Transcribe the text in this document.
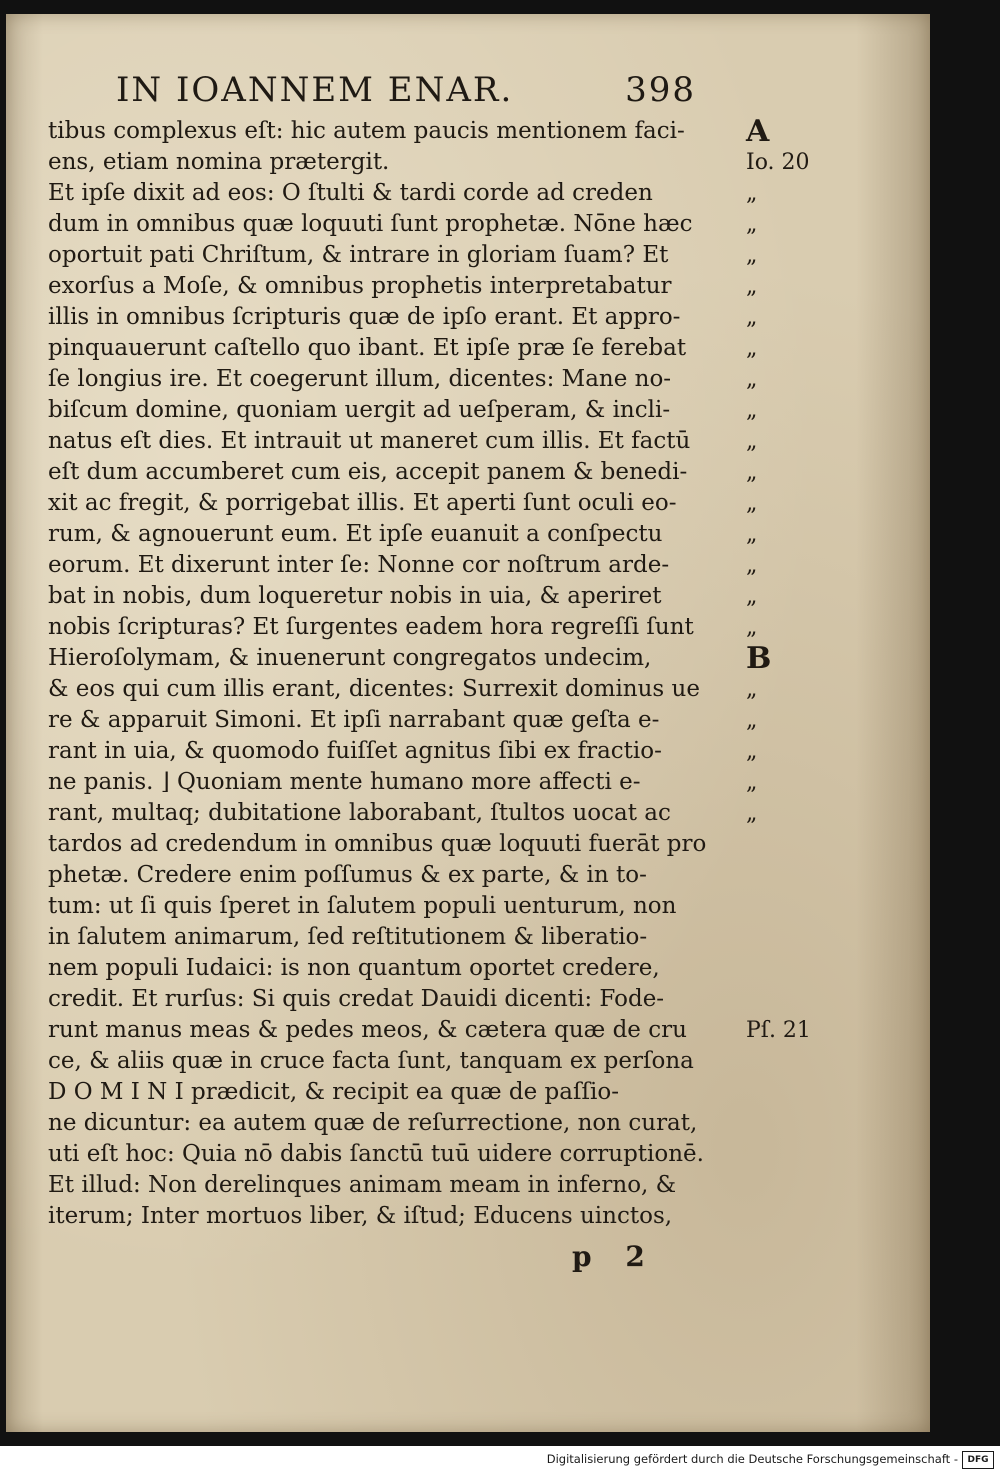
IN IOANNEM ENAR.	398
tibus complexus eſt: hic autem paucis mentionem faci-
ens, etiam nomina prætergit.
Et ipſe dixit ad eos: O ſtulti & tardi corde ad creden
dum in omnibus quæ loquuti ſunt prophetæ. Nōne hæc
oportuit pati Chriſtum, & intrare in gloriam ſuam? Et
exorſus a Moſe, & omnibus prophetis interpretabatur
illis in omnibus ſcripturis quæ de ipſo erant. Et appro-
pinquauerunt caſtello quo ibant. Et ipſe præ ſe ferebat
ſe longius ire. Et coegerunt illum, dicentes: Mane no-
biſcum domine, quoniam uergit ad ueſperam, & incli-
natus eſt dies. Et intrauit ut maneret cum illis. Et factū
eſt dum accumberet cum eis, accepit panem & benedi-
xit ac fregit, & porrigebat illis. Et aperti ſunt oculi eo-
rum, & agnouerunt eum. Et ipſe euanuit a conſpectu
eorum. Et dixerunt inter ſe: Nonne cor noſtrum arde-
bat in nobis, dum loqueretur nobis in uia, & aperiret
nobis ſcripturas? Et ſurgentes eadem hora regreſſi ſunt
Hieroſolymam, & inuenerunt congregatos undecim,
& eos qui cum illis erant, dicentes: Surrexit dominus ue
re & apparuit Simoni. Et ipſi narrabant quæ geſta e-
rant in uia, & quomodo fuiſſet agnitus ſibi ex fractio-
ne panis. ⌋ Quoniam mente humano more affecti e-
rant, multaq; dubitatione laborabant, ſtultos uocat ac
tardos ad credendum in omnibus quæ loquuti fuerāt pro
phetæ. Credere enim poſſumus & ex parte, & in to-
tum: ut ſi quis ſperet in ſalutem populi uenturum, non
in ſalutem animarum, ſed reſtitutionem & liberatio-
nem populi Iudaici: is non quantum oportet credere,
credit. Et rurſus: Si quis credat Dauidi dicenti: Fode-
runt manus meas & pedes meos, & cætera quæ de cru
ce, & aliis quæ in cruce facta ſunt, tanquam ex perſona
D O M I N I prædicit, & recipit ea quæ de paſſio-
ne dicuntur: ea autem quæ de reſurrectione, non curat,
uti eſt hoc: Quia nō dabis ſanctū tuū uidere corruptionē.
Et illud: Non derelinques animam meam in inferno, &
iterum; Inter mortuos liber, & iſtud; Educens uinctos,
A
Io. 20
„
„
„
„
„
„
„
„
„
„
„
„
„
„
„
B
„
„
„
„
„
Pſ. 21
p 2
Digitalisierung gefördert durch die Deutsche Forschungsgemeinschaft -	DFG
